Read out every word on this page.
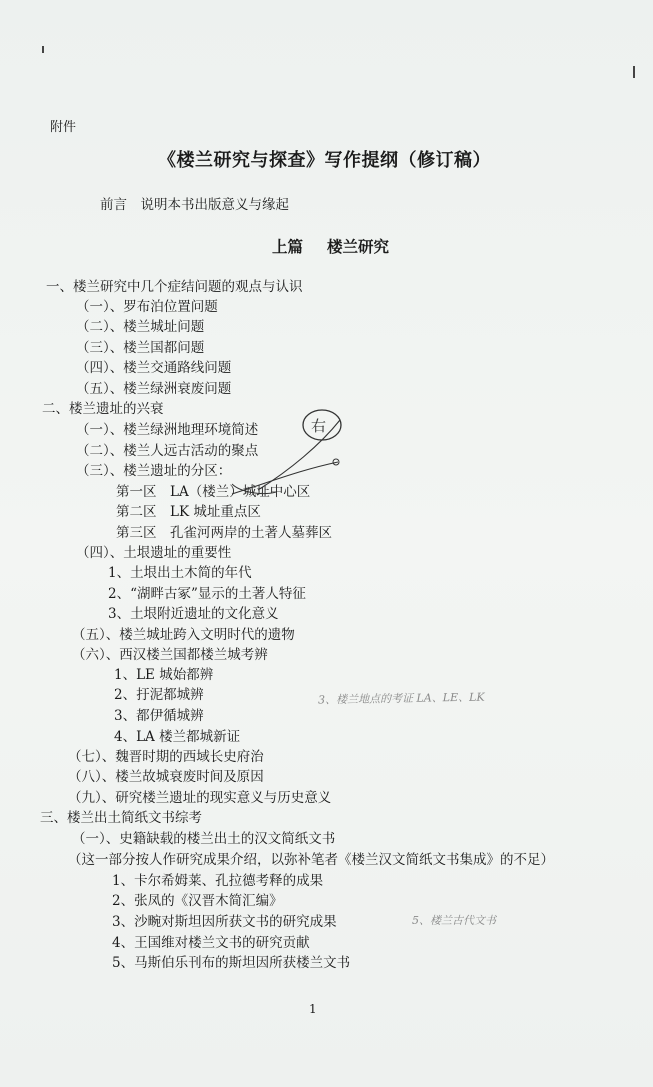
附件
《楼兰研究与探查》写作提纲（修订稿）
前言　说明本书出版意义与缘起
上篇 楼兰研究
一、楼兰研究中几个症结问题的观点与认识
（一）、罗布泊位置问题
（二）、楼兰城址问题
（三）、楼兰国都问题
（四）、楼兰交通路线问题
（五）、楼兰绿洲衰废问题
二、楼兰遗址的兴衰
（一）、楼兰绿洲地理环境简述
（二）、楼兰人远古活动的聚点
（三）、楼兰遗址的分区：
第一区　LA（楼兰）城址中心区
第二区　LK 城址重点区
第三区　孔雀河两岸的土著人墓葬区
（四）、土垠遗址的重要性
1、土垠出土木简的年代
2、“湖畔古冢”显示的土著人特征
3、土垠附近遗址的文化意义
（五）、楼兰城址跨入文明时代的遗物
（六）、西汉楼兰国都楼兰城考辨
1、LE 城始都辨
2、扜泥都城辨
3、都伊循城辨
4、LA 楼兰都城新证
（七）、魏晋时期的西域长史府治
（八）、楼兰故城衰废时间及原因
（九）、研究楼兰遗址的现实意义与历史意义
三、楼兰出土简纸文书综考
（一）、史籍缺载的楼兰出土的汉文简纸文书
（这一部分按人作研究成果介绍，以弥补笔者《楼兰汉文简纸文书集成》的不足）
1、卡尔希姆莱、孔拉德考释的成果
2、张凤的《汉晋木简汇编》
3、沙畹对斯坦因所获文书的研究成果
4、王国维对楼兰文书的研究贡献
5、马斯伯乐刊布的斯坦因所获楼兰文书
右
3、楼兰地点的考证 LA、LE、LK
5、楼兰古代文书
1
